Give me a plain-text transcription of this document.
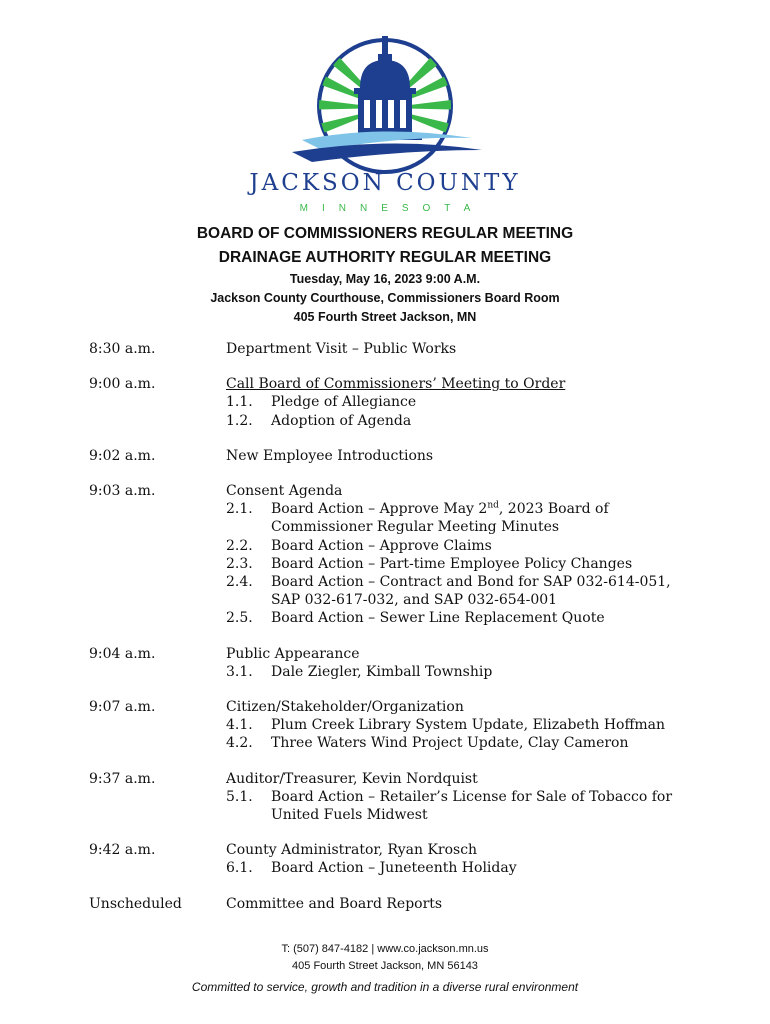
JACKSON COUNTY
MINNESOTA
BOARD OF COMMISSIONERS REGULAR MEETING
DRAINAGE AUTHORITY REGULAR MEETING
Tuesday, May 16, 2023 9:00 A.M.
Jackson County Courthouse, Commissioners Board Room
405 Fourth Street Jackson, MN
8:30 a.m.	Department Visit – Public Works
9:00 a.m.	Call Board of Commissioners’ Meeting to Order
1.1.	Pledge of Allegiance
1.2.	Adoption of Agenda
9:02 a.m.	New Employee Introductions
9:03 a.m.	Consent Agenda
2.1.	Board Action – Approve May 2nd, 2023 Board of Commissioner Regular Meeting Minutes
2.2.	Board Action – Approve Claims
2.3.	Board Action – Part-time Employee Policy Changes
2.4.	Board Action – Contract and Bond for SAP 032-614-051, SAP 032-617-032, and SAP 032-654-001
2.5.	Board Action – Sewer Line Replacement Quote
9:04 a.m.	Public Appearance
3.1.	Dale Ziegler, Kimball Township
9:07 a.m.	Citizen/Stakeholder/Organization
4.1.	Plum Creek Library System Update, Elizabeth Hoffman
4.2.	Three Waters Wind Project Update, Clay Cameron
9:37 a.m.	Auditor/Treasurer, Kevin Nordquist
5.1.	Board Action – Retailer’s License for Sale of Tobacco for United Fuels Midwest
9:42 a.m.	County Administrator, Ryan Krosch
6.1.	Board Action – Juneteenth Holiday
Unscheduled	Committee and Board Reports
T: (507) 847-4182 | www.co.jackson.mn.us
405 Fourth Street Jackson, MN 56143
Committed to service, growth and tradition in a diverse rural environment
